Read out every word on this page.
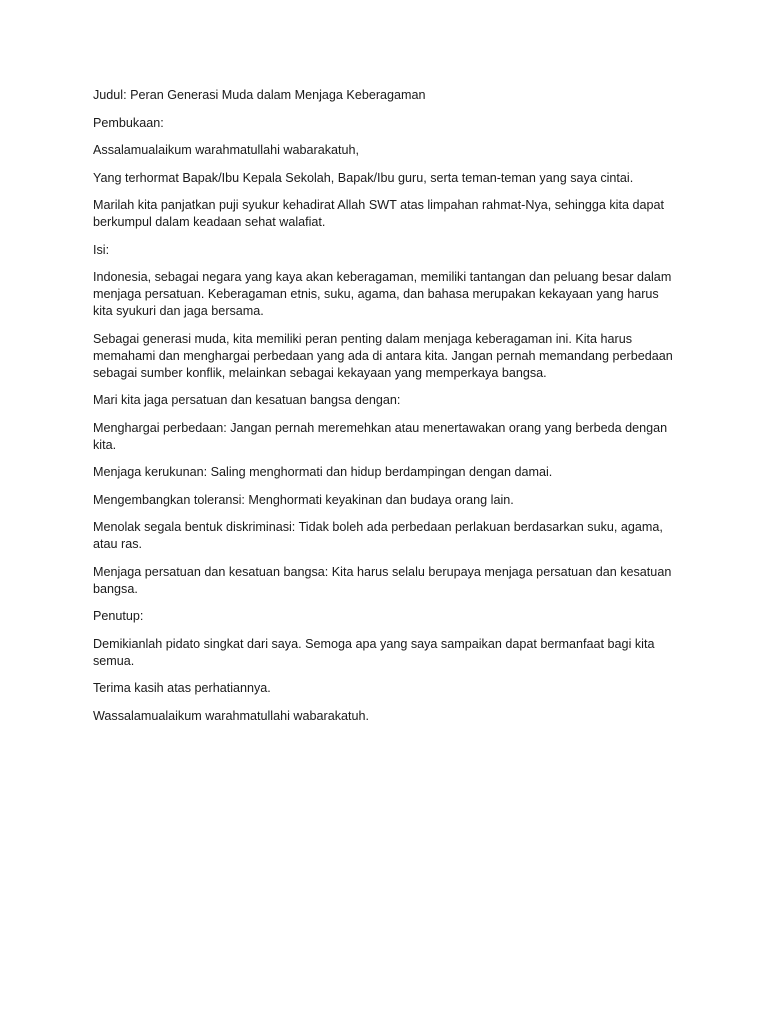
Judul: Peran Generasi Muda dalam Menjaga Keberagaman

Pembukaan:

Assalamualaikum warahmatullahi wabarakatuh,

Yang terhormat Bapak/Ibu Kepala Sekolah, Bapak/Ibu guru, serta teman-teman yang saya cintai.

Marilah kita panjatkan puji syukur kehadirat Allah SWT atas limpahan rahmat-Nya, sehingga kita dapat berkumpul dalam keadaan sehat walafiat.

Isi:

Indonesia, sebagai negara yang kaya akan keberagaman, memiliki tantangan dan peluang besar dalam menjaga persatuan. Keberagaman etnis, suku, agama, dan bahasa merupakan kekayaan yang harus kita syukuri dan jaga bersama.

Sebagai generasi muda, kita memiliki peran penting dalam menjaga keberagaman ini. Kita harus memahami dan menghargai perbedaan yang ada di antara kita. Jangan pernah memandang perbedaan sebagai sumber konflik, melainkan sebagai kekayaan yang memperkaya bangsa.

Mari kita jaga persatuan dan kesatuan bangsa dengan:

Menghargai perbedaan: Jangan pernah meremehkan atau menertawakan orang yang berbeda dengan kita.

Menjaga kerukunan: Saling menghormati dan hidup berdampingan dengan damai.

Mengembangkan toleransi: Menghormati keyakinan dan budaya orang lain.

Menolak segala bentuk diskriminasi: Tidak boleh ada perbedaan perlakuan berdasarkan suku, agama, atau ras.

Menjaga persatuan dan kesatuan bangsa: Kita harus selalu berupaya menjaga persatuan dan kesatuan bangsa.

Penutup:

Demikianlah pidato singkat dari saya. Semoga apa yang saya sampaikan dapat bermanfaat bagi kita semua.

Terima kasih atas perhatiannya.

Wassalamualaikum warahmatullahi wabarakatuh.
